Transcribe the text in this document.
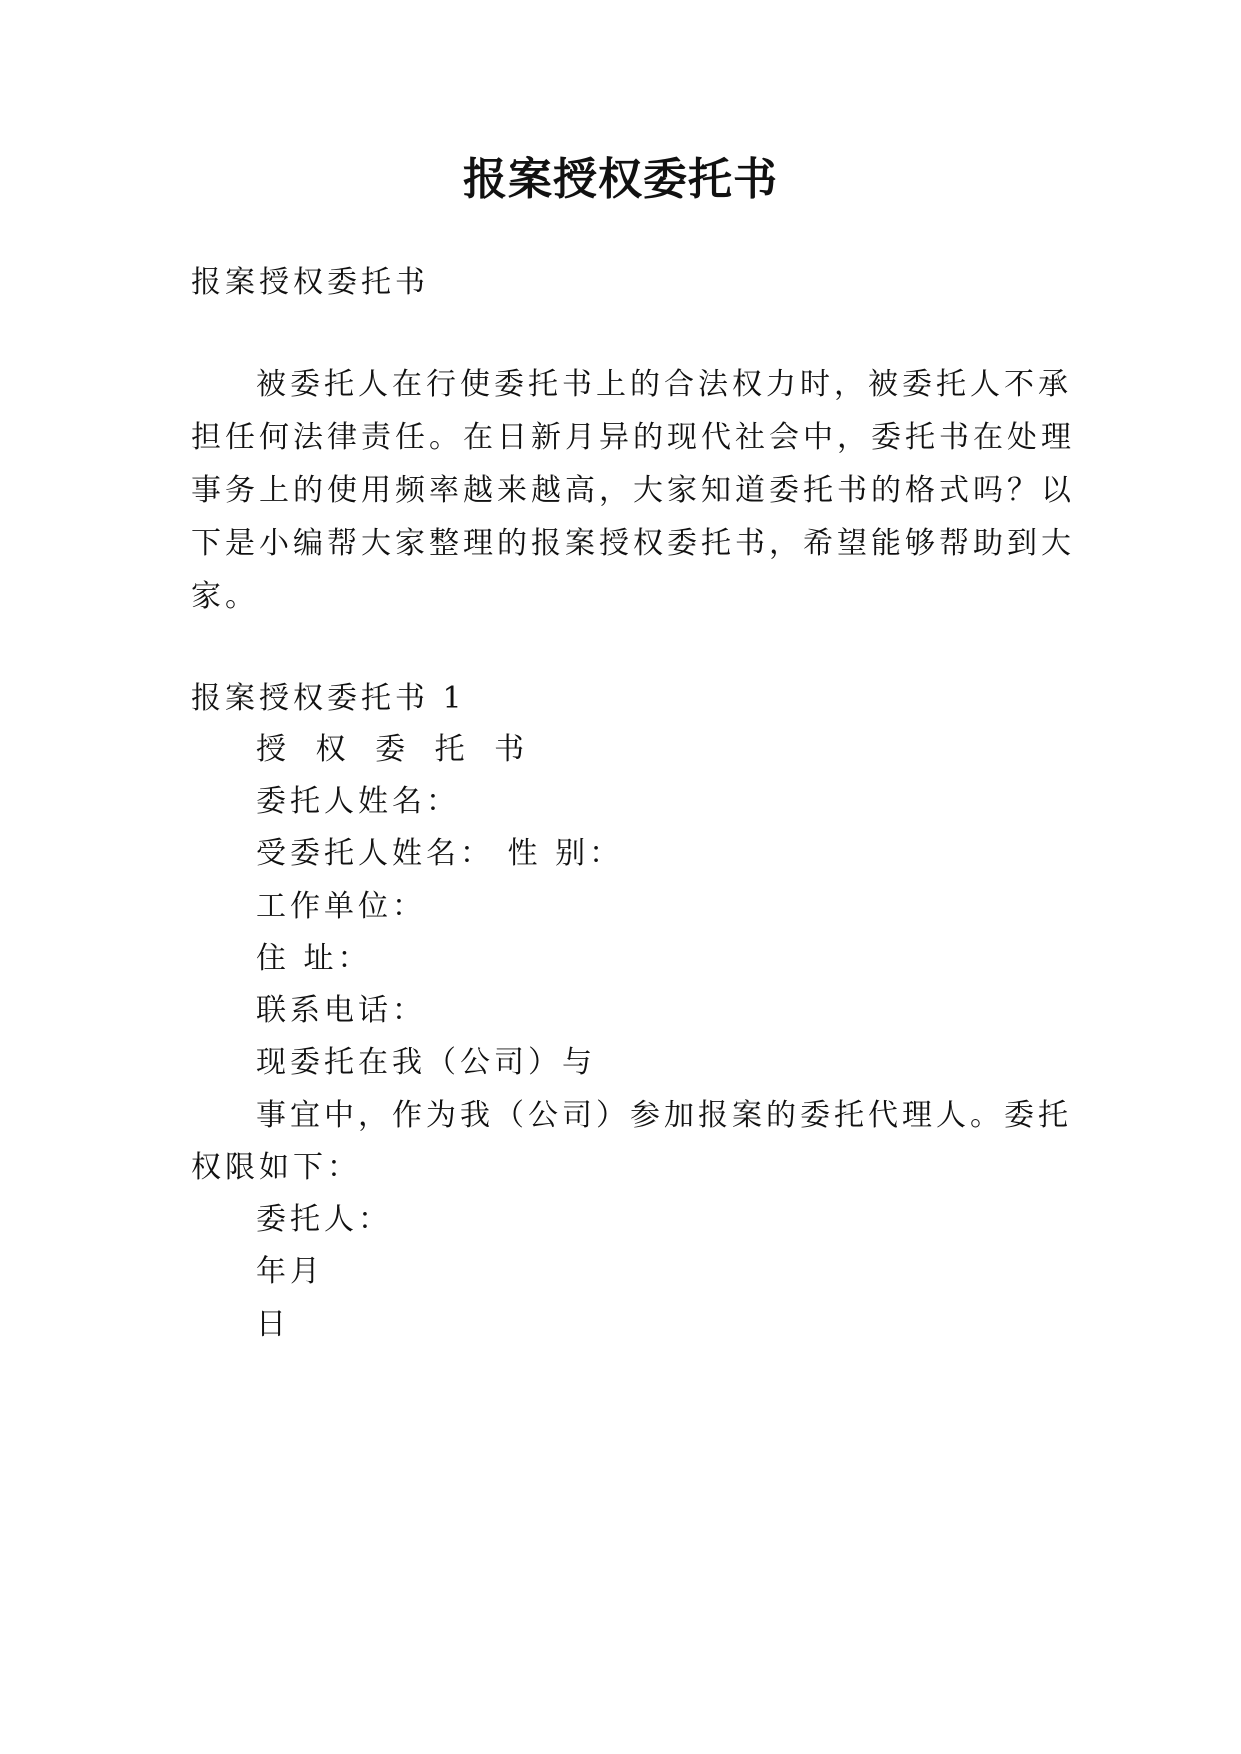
报案授权委托书

报案授权委托书

被委托人在行使委托书上的合法权力时，被委托人不承

担任何法律责任。在日新月异的现代社会中，委托书在处理

事务上的使用频率越来越高，大家知道委托书的格式吗？以

下是小编帮大家整理的报案授权委托书，希望能够帮助到大

家。

报案授权委托书 1

授 权 委 托 书

委托人姓名：

受委托人姓名： 性 别：

工作单位：

住 址：

联系电话：

现委托在我（公司）与

事宜中，作为我（公司）参加报案的委托代理人。委托

权限如下：

委托人：

年月

日
